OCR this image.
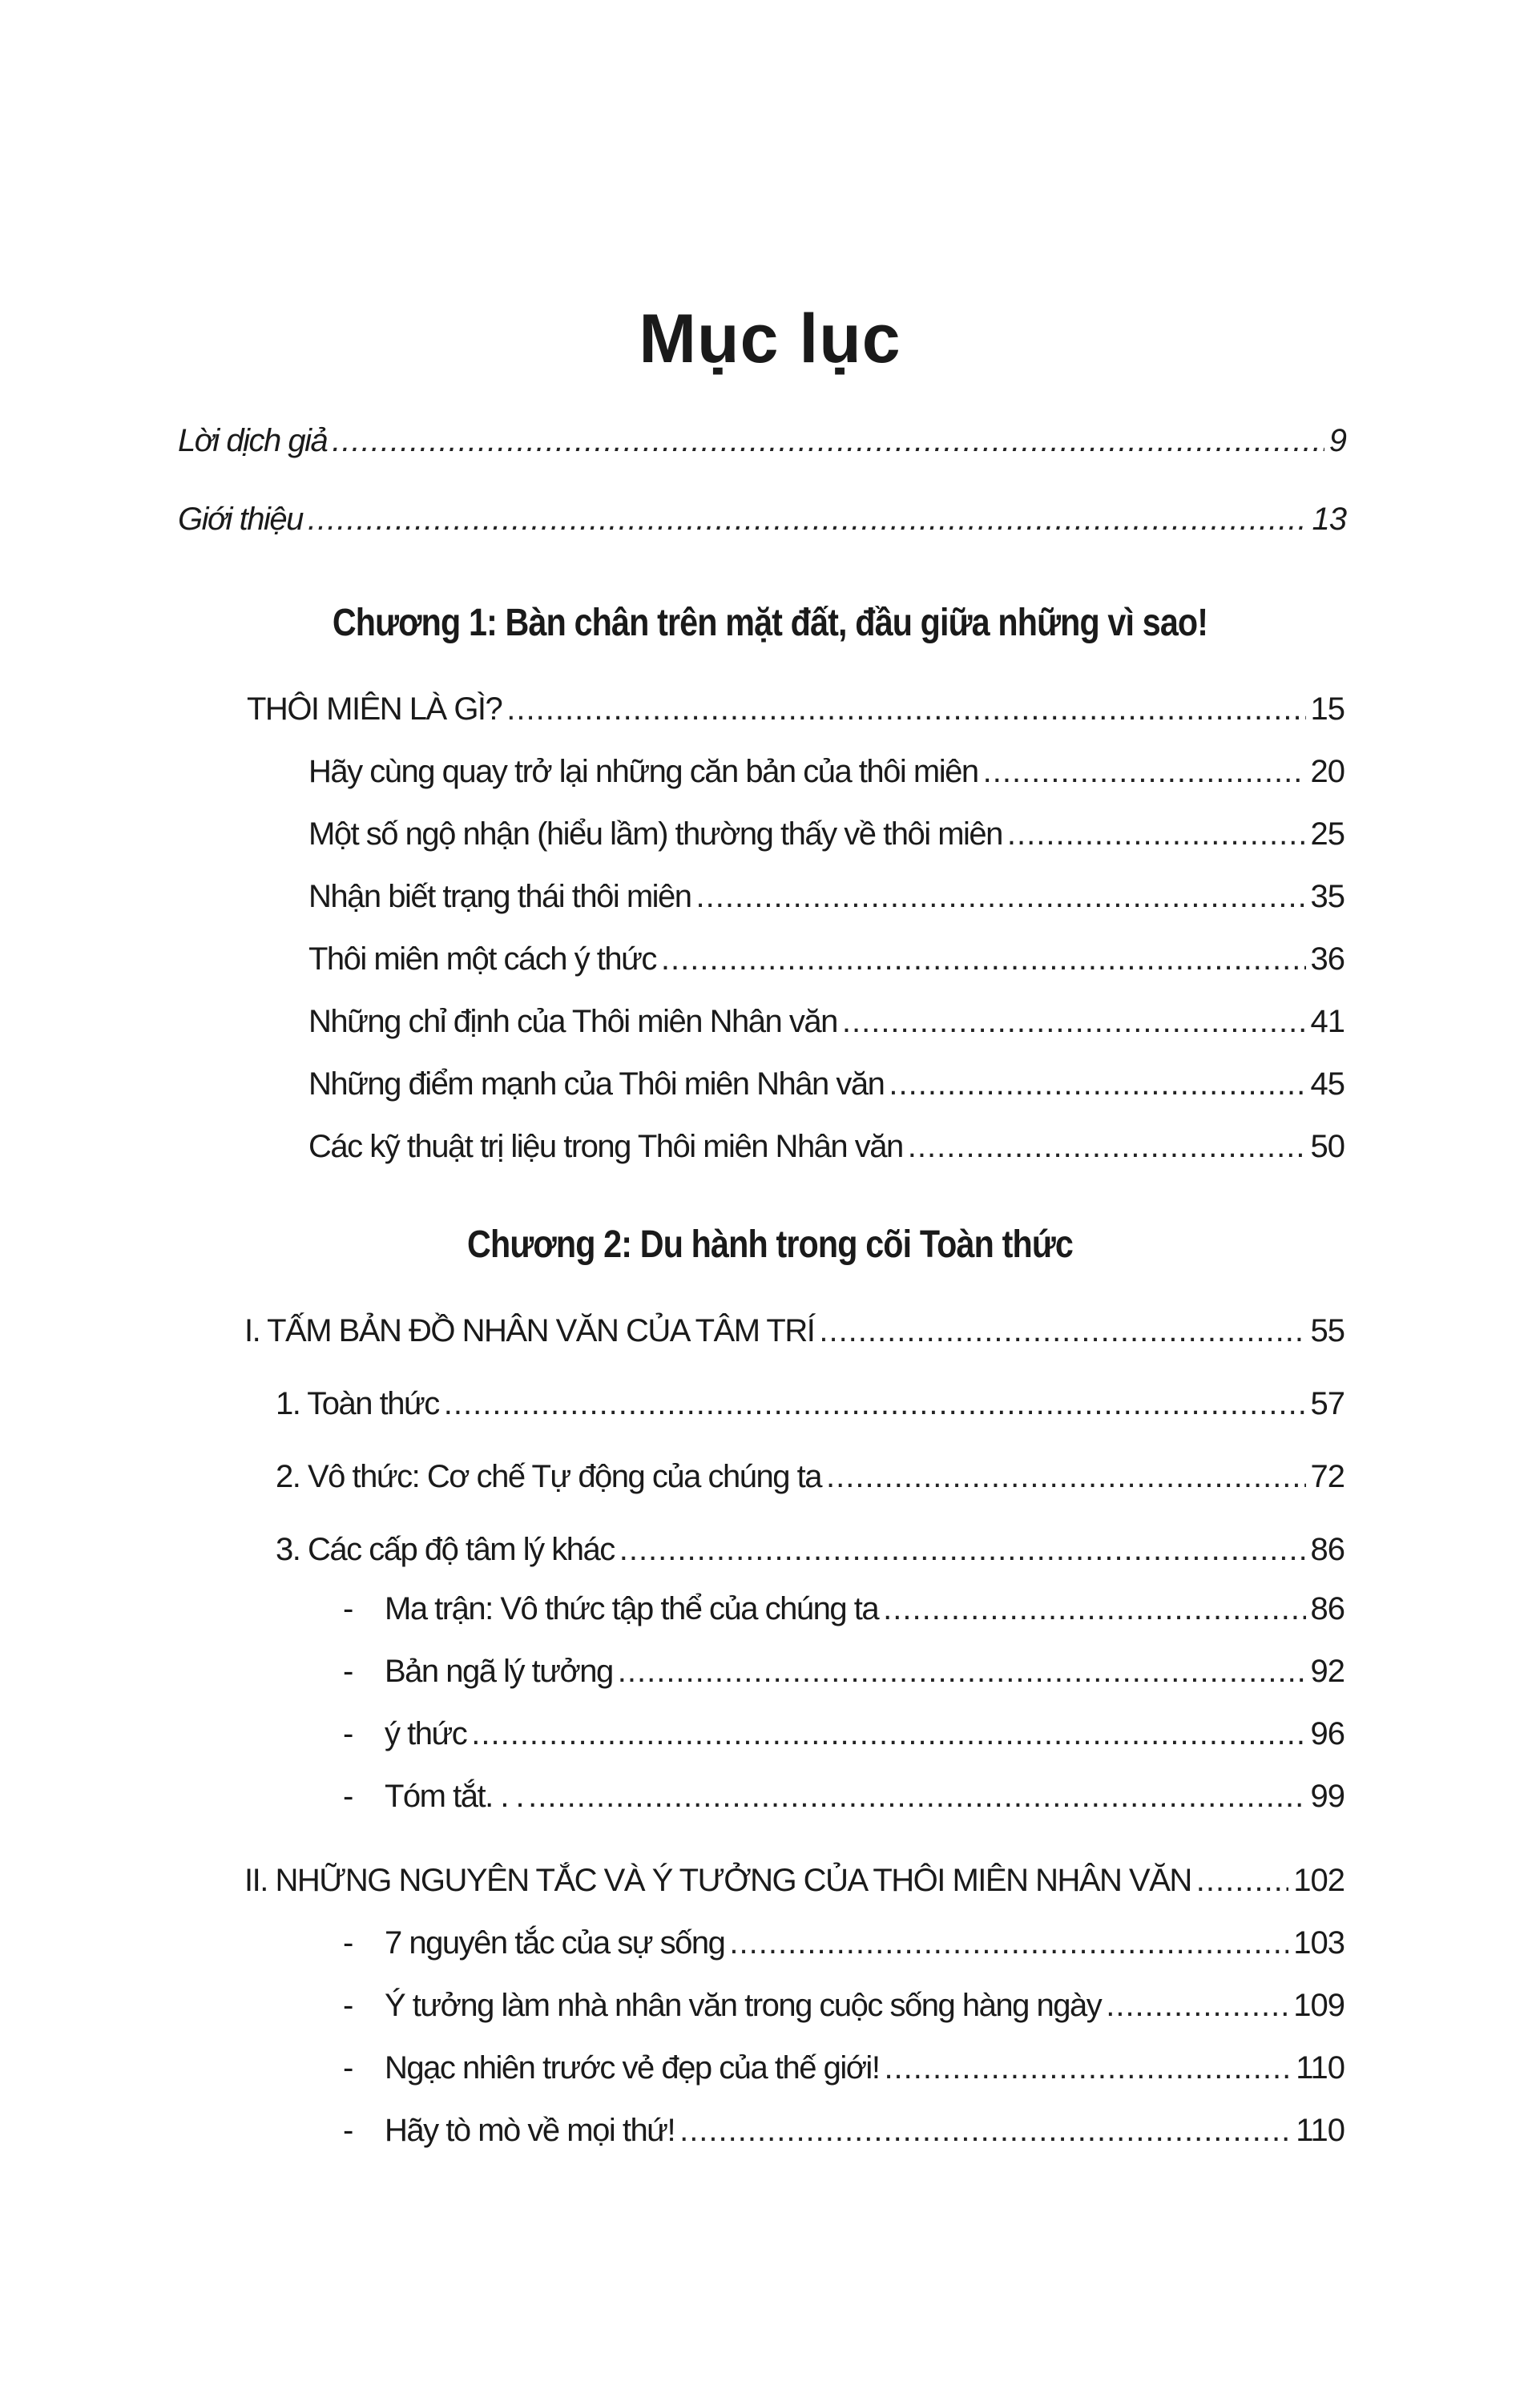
Mục lục
Lời dịch giả .....	9
Giới thiệu .....	13
Chương 1: Bàn chân trên mặt đất, đầu giữa những vì sao!
THÔI MIÊN LÀ GÌ? .....	15
Hãy cùng quay trở lại những căn bản của thôi miên .....	20
Một số ngộ nhận (hiểu lầm) thường thấy về thôi miên .....	25
Nhận biết trạng thái thôi miên .....	35
Thôi miên một cách ý thức .....	36
Những chỉ định của Thôi miên Nhân văn .....	41
Những điểm mạnh của Thôi miên Nhân văn .....	45
Các kỹ thuật trị liệu trong Thôi miên Nhân văn .....	50
Chương 2: Du hành trong cõi Toàn thức
I. TẤM BẢN ĐỒ NHÂN VĂN CỦA TÂM TRÍ .....	55
1. Toàn thức .....	57
2. Vô thức: Cơ chế Tự động của chúng ta .....	72
3. Các cấp độ tâm lý khác .....	86
- Ma trận: Vô thức tập thể của chúng ta .....	86
- Bản ngã lý tưởng .....	92
- ý thức .....	96
- Tóm tắt. . . .....	99
II. NHỮNG NGUYÊN TẮC VÀ Ý TƯỞNG CỦA THÔI MIÊN NHÂN VĂN .....	102
- 7 nguyên tắc của sự sống .....	103
- Ý tưởng làm nhà nhân văn trong cuộc sống hàng ngày .....	109
- Ngạc nhiên trước vẻ đẹp của thế giới! .....	110
- Hãy tò mò về mọi thứ! .....	110
